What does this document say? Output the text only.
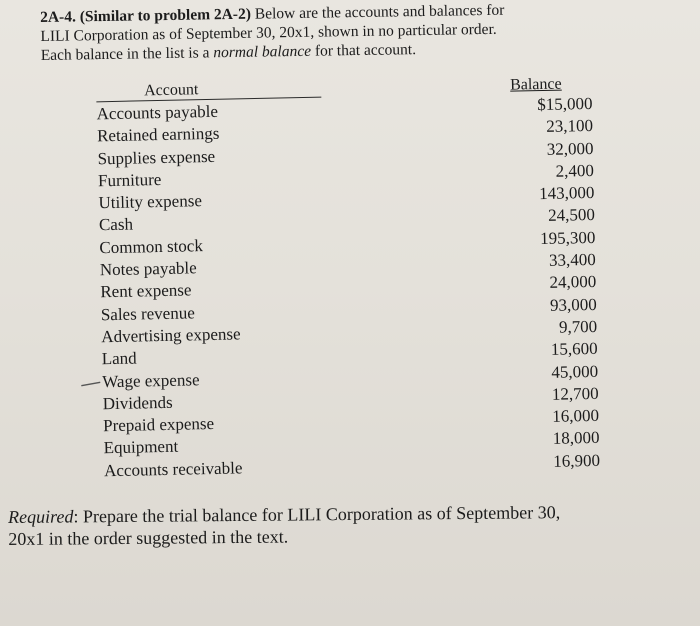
2A-4. (Similar to problem 2A-2) Below are the accounts and balances for
LILI Corporation as of September 30, 20x1, shown in no particular order.
Each balance in the list is a normal balance for that account.
Account	Balance
Accounts payable	$15,000
Retained earnings	23,100
Supplies expense	32,000
Furniture	2,400
Utility expense	143,000
Cash	24,500
Common stock	195,300
Notes payable	33,400
Rent expense	24,000
Sales revenue	93,000
Advertising expense	9,700
Land	15,600
Wage expense	45,000
Dividends	12,700
Prepaid expense	16,000
Equipment	18,000
Accounts receivable	16,900
Required: Prepare the trial balance for LILI Corporation as of September 30,
20x1 in the order suggested in the text.
